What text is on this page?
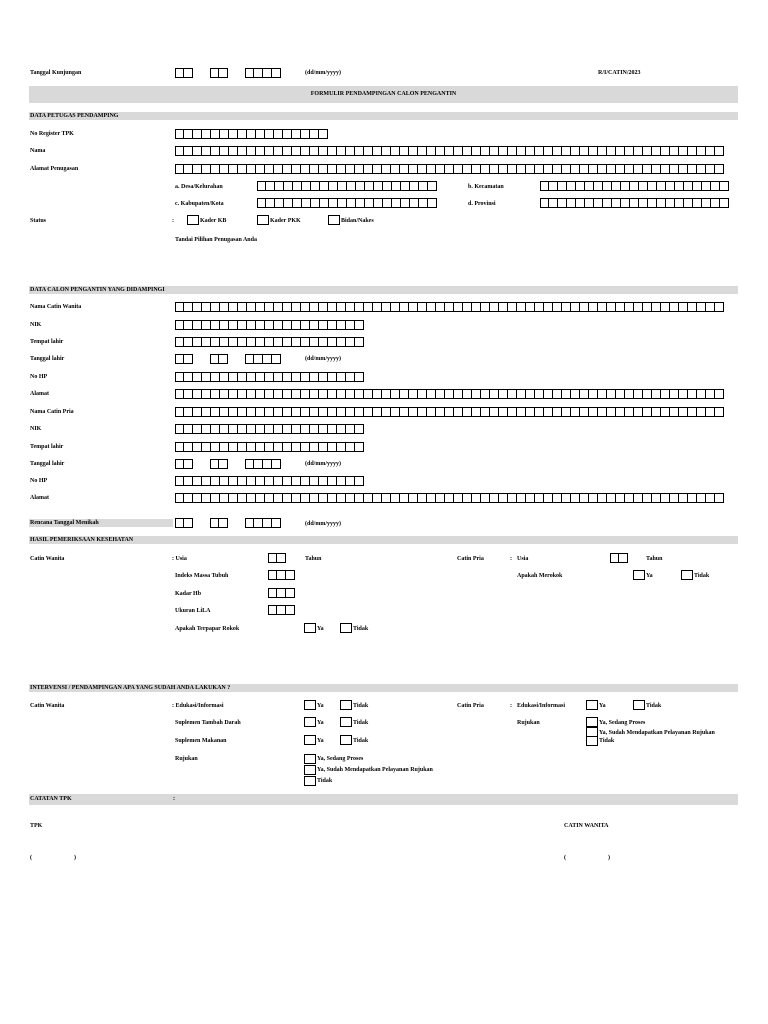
Tanggal Kunjungan	(dd/mm/yyyy)	R/I/CATIN/2023
FORMULIR PENDAMPINGAN CALON PENGANTIN
DATA PETUGAS PENDAMPING
No Register TPK
Nama
Alamat Penugasan
a. Desa/Kelurahan	b. Kecamatan
c. Kabupaten/Kota	d. Provinsi
Status	:	Kader KB	Kader PKK	Bidan/Nakes
Tandai Pilihan Penugasan Anda
DATA CALON PENGANTIN YANG DIDAMPINGI
Nama Catin Wanita
NIK
Tempat lahir
Tanggal lahir	(dd/mm/yyyy)
No HP
Alamat
Nama Catin Pria
NIK
Tempat lahir
Tanggal lahir	(dd/mm/yyyy)
No HP
Alamat
Rencana Tanggal Menikah	(dd/mm/yyyy)
HASIL PEMERIKSAAN KESEHATAN
Catin Wanita	: Usia	Tahun	Catin Pria	: Usia	Tahun
Indeks Massa Tubuh	Apakah Merokok	Ya	Tidak
Kadar Hb
Ukuran LiLA
Apakah Terpapar Rokok	Ya	Tidak
INTERVENSI / PENDAMPINGAN APA YANG SUDAH ANDA LAKUKAN ?
Catin Wanita	: Edukasi/Informasi	Ya	Tidak	Catin Pria	: Edukasi/Informasi	Ya	Tidak
Suplemen Tambah Darah	Ya	Tidak	Rujukan	Ya, Sedang Proses
Ya, Sudah Mendapatkan Pelayanan Rujukan
Tidak
Suplemen Makanan	Ya	Tidak
Rujukan	Ya, Sedang Proses
Ya, Sudah Mendapatkan Pelayanan Rujukan
Tidak
CATATAN TPK	:
TPK	CATIN WANITA
(	)	(	)
